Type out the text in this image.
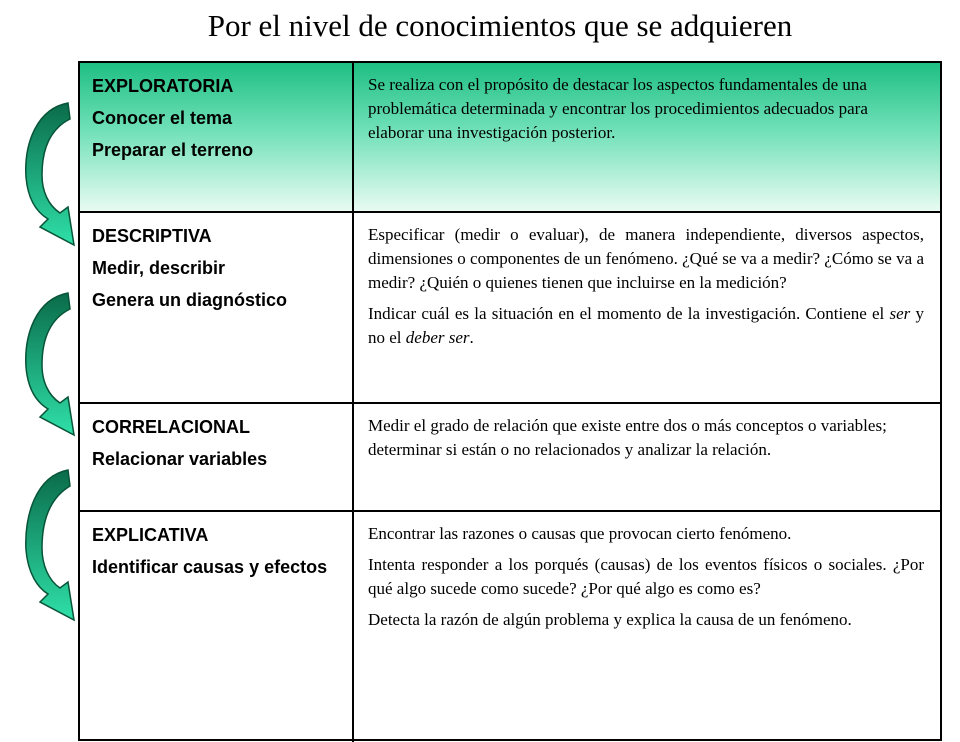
Por el nivel de conocimientos que se adquieren
EXPLORATORIA
Conocer el tema
Preparar el terreno

Se realiza con el propósito de destacar los aspectos fundamentales de una problemática determinada y encontrar los procedimientos adecuados para elaborar una investigación posterior.

DESCRIPTIVA
Medir, describir
Genera un diagnóstico

Especificar (medir o evaluar), de manera independiente, diversos aspectos, dimensiones o componentes de un fenómeno. ¿Qué se va a medir? ¿Cómo se va a medir? ¿Quién o quienes tienen que incluirse en la medición?

Indicar cuál es la situación en el momento de la investigación. Contiene el ser y no el deber ser.

CORRELACIONAL
Relacionar variables

Medir el grado de relación que existe entre dos o más conceptos o variables; determinar si están o no relacionados y analizar la relación.

EXPLICATIVA
Identificar causas y efectos

Encontrar las razones o causas que provocan cierto fenómeno.

Intenta responder a los porqués (causas) de los eventos físicos o sociales. ¿Por qué algo sucede como sucede? ¿Por qué algo es como es?

Detecta la razón de algún problema y explica la causa de un fenómeno.
